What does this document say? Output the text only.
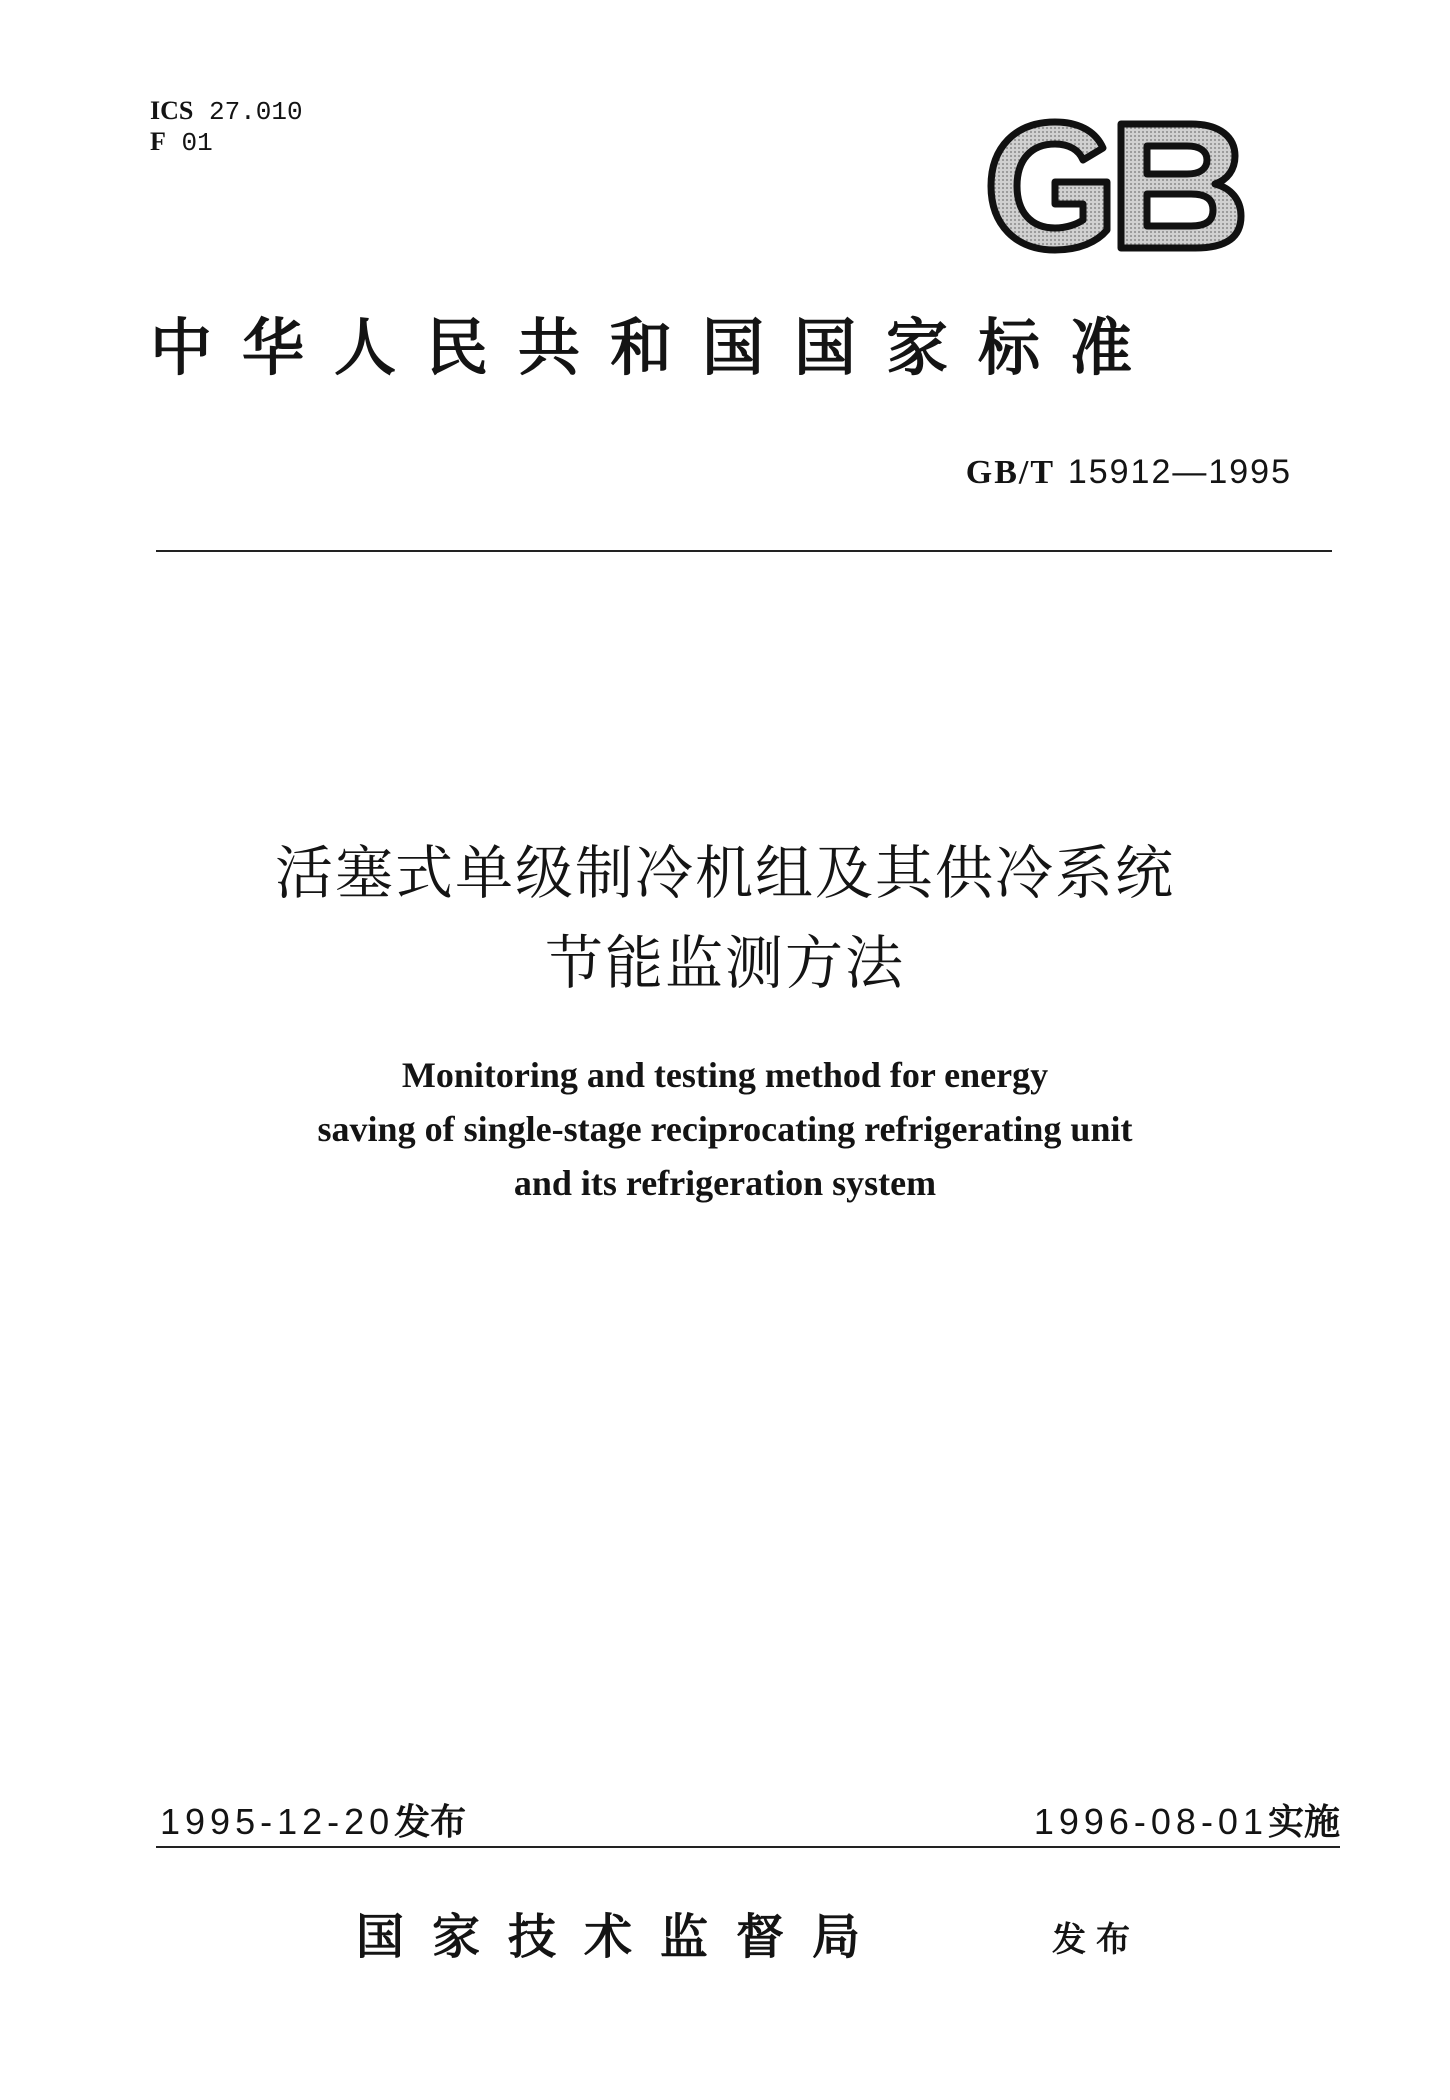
ICS 27.010
F 01
中华人民共和国国家标准
GB/T 15912—1995
活塞式单级制冷机组及其供冷系统
节能监测方法
Monitoring and testing method for energy
saving of single-stage reciprocating refrigerating unit
and its refrigeration system
1995-12-20发布	1996-08-01实施
国家技术监督局	发布
